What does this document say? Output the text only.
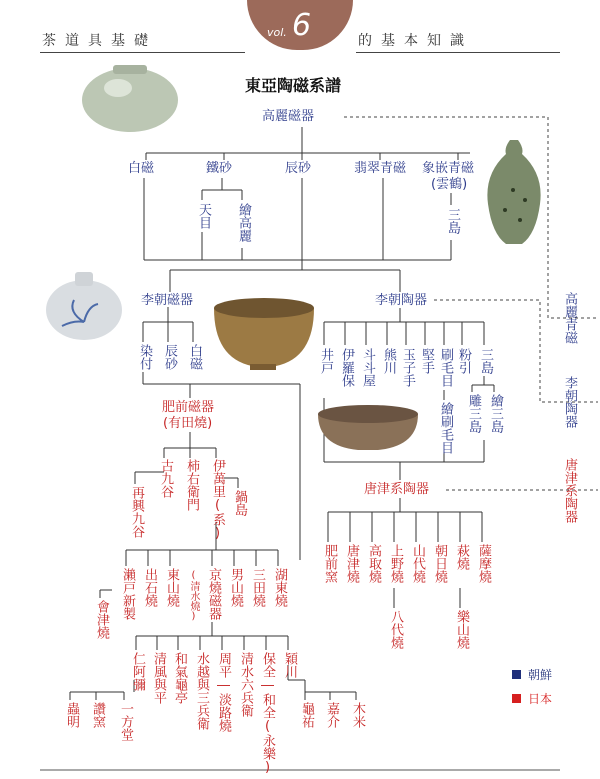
茶道具基礎	的基本知識
vol. 6
東亞陶磁系譜
高麗磁器
白磁	鐵砂	辰砂	翡翠青磁 象嵌青磁
(雲鶴)
天目 繪高麗	三島
李朝磁器	李朝陶器
染付 辰砂 白磁	井戸 伊羅保 斗斗屋 熊川 玉子手 堅手 刷毛目 粉引 三島
繪刷毛目 雕三島 繪三島
高麗青磁
李朝陶器
唐津系陶器
肥前磁器
(有田燒)
古九谷 柿右衛門 伊萬里(系)
再興九谷	鍋島
瀨戸新製 出石燒 東山燒 京燒磁器 男山燒 三田燒 湖東燒
(清水燒)
會津燒
仁阿彌 清風與平 和氣龜亭 水越與三兵衛 周平―淡路燒 清水六兵衛 保全―和全(永樂) 穎川
蟲明 讚窯 一方堂	龜祐 嘉介 木米
唐津系陶器
肥前窯 唐津燒 高取燒 上野燒 山代燒 朝日燒 萩燒 薩摩燒
八代燒	樂山燒
朝鮮
日本
